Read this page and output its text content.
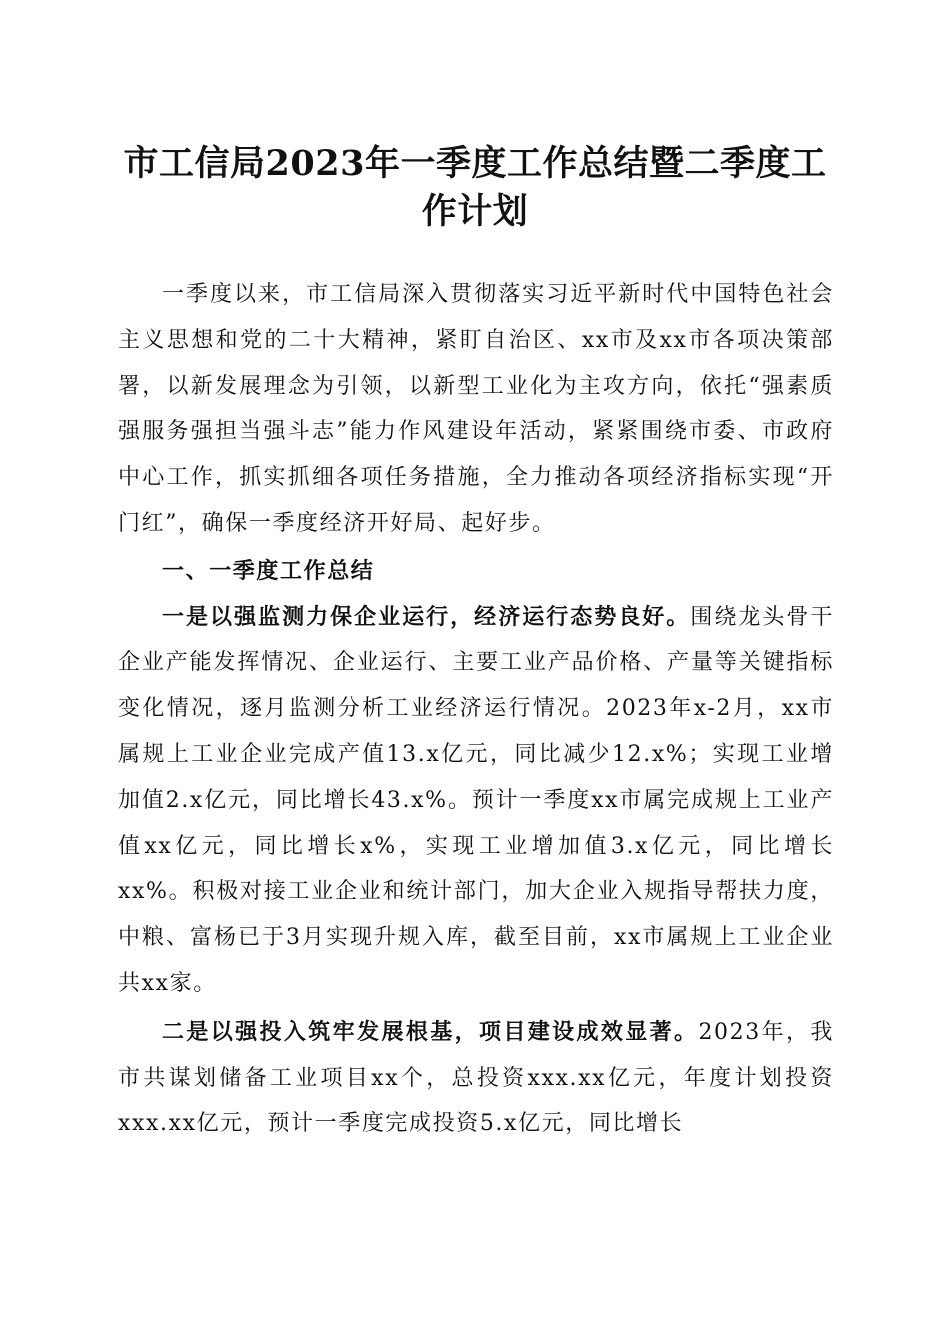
市工信局2023年一季度工作总结暨二季度工
作计划

一季度以来，市工信局深入贯彻落实习近平新时代中国特色社会主义思想和党的二十大精神，紧盯自治区、xx市及xx市各项决策部署，以新发展理念为引领，以新型工业化为主攻方向，依托“强素质强服务强担当强斗志”能力作风建设年活动，紧紧围绕市委、市政府中心工作，抓实抓细各项任务措施，全力推动各项经济指标实现“开门红”，确保一季度经济开好局、起好步。

一、一季度工作总结

一是以强监测力保企业运行，经济运行态势良好。围绕龙头骨干企业产能发挥情况、企业运行、主要工业产品价格、产量等关键指标变化情况，逐月监测分析工业经济运行情况。2023年x-2月，xx市属规上工业企业完成产值13.x亿元，同比减少12.x%；实现工业增加值2.x亿元，同比增长43.x%。预计一季度xx市属完成规上工业产值xx亿元，同比增长x%，实现工业增加值3.x亿元，同比增长xx%。积极对接工业企业和统计部门，加大企业入规指导帮扶力度，中粮、富杨已于3月实现升规入库，截至目前，xx市属规上工业企业共xx家。

二是以强投入筑牢发展根基，项目建设成效显著。2023年，我市共谋划储备工业项目xx个，总投资xxx.xx亿元，年度计划投资xxx.xx亿元，预计一季度完成投资5.x亿元，同比增长
